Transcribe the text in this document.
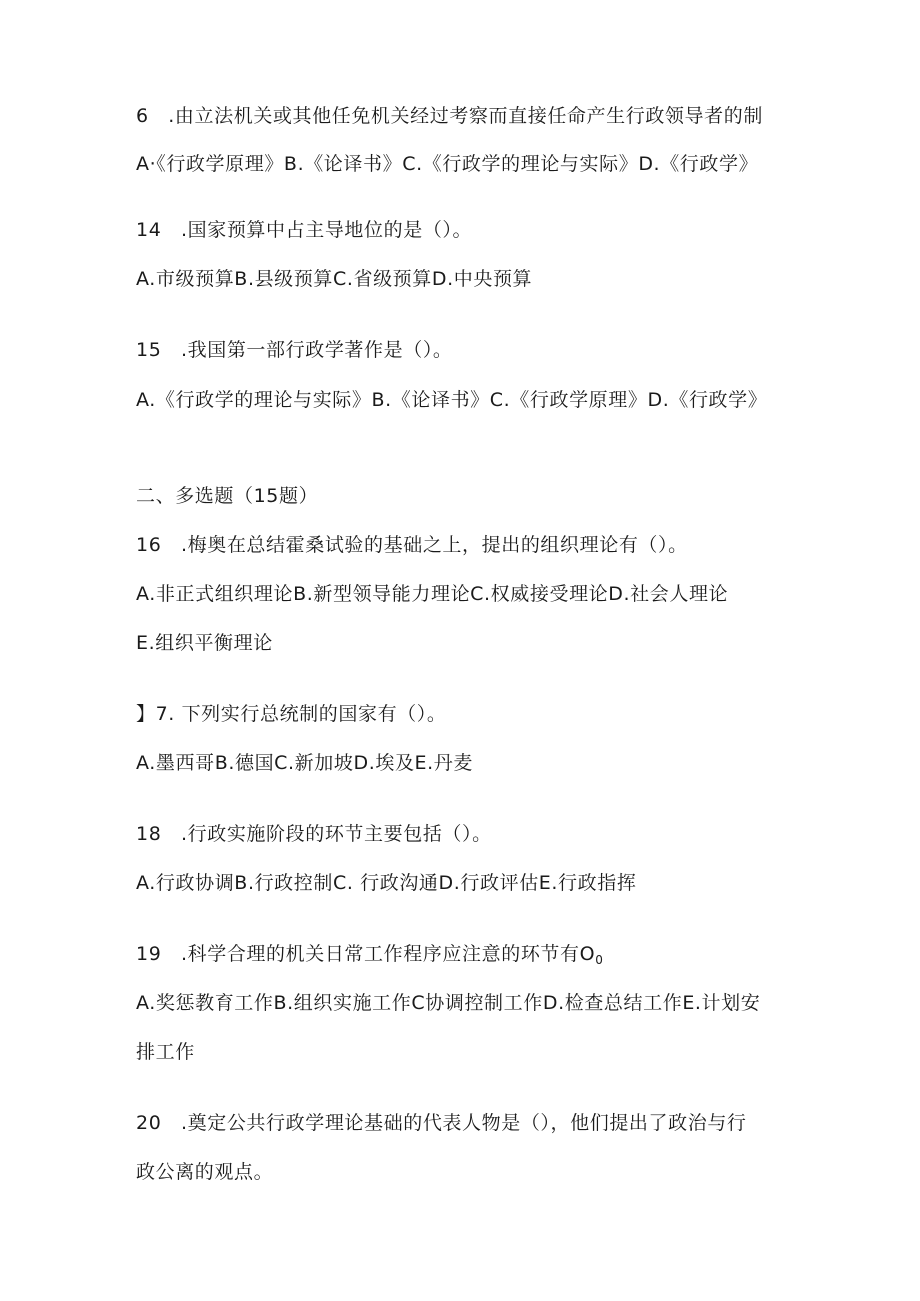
6　.由立法机关或其他任免机关经过考察而直接任命产生行政领导者的制
A·《行政学原理》B.《论译书》C.《行政学的理论与实际》D.《行政学》
14　.国家预算中占主导地位的是（）。
A.市级预算B.县级预算C.省级预算D.中央预算
15　.我国第一部行政学著作是（）。
A.《行政学的理论与实际》B.《论译书》C.《行政学原理》D.《行政学》
二、多选题（15题）
16　.梅奥在总结霍桑试验的基础之上，提出的组织理论有（）。
A.非正式组织理论B.新型领导能力理论C.权威接受理论D.社会人理论
E.组织平衡理论
】7. 下列实行总统制的国家有（）。
A.墨西哥B.德国C.新加坡D.埃及E.丹麦
18　.行政实施阶段的环节主要包括（）。
A.行政协调B.行政控制C. 行政沟通D.行政评估E.行政指挥
19　.科学合理的机关日常工作程序应注意的环节有$O_0$
A.奖惩教育工作B.组织实施工作C协调控制工作D.检查总结工作E.计划安
排工作
20　.奠定公共行政学理论基础的代表人物是（），他们提出了政治与行
政公离的观点。
